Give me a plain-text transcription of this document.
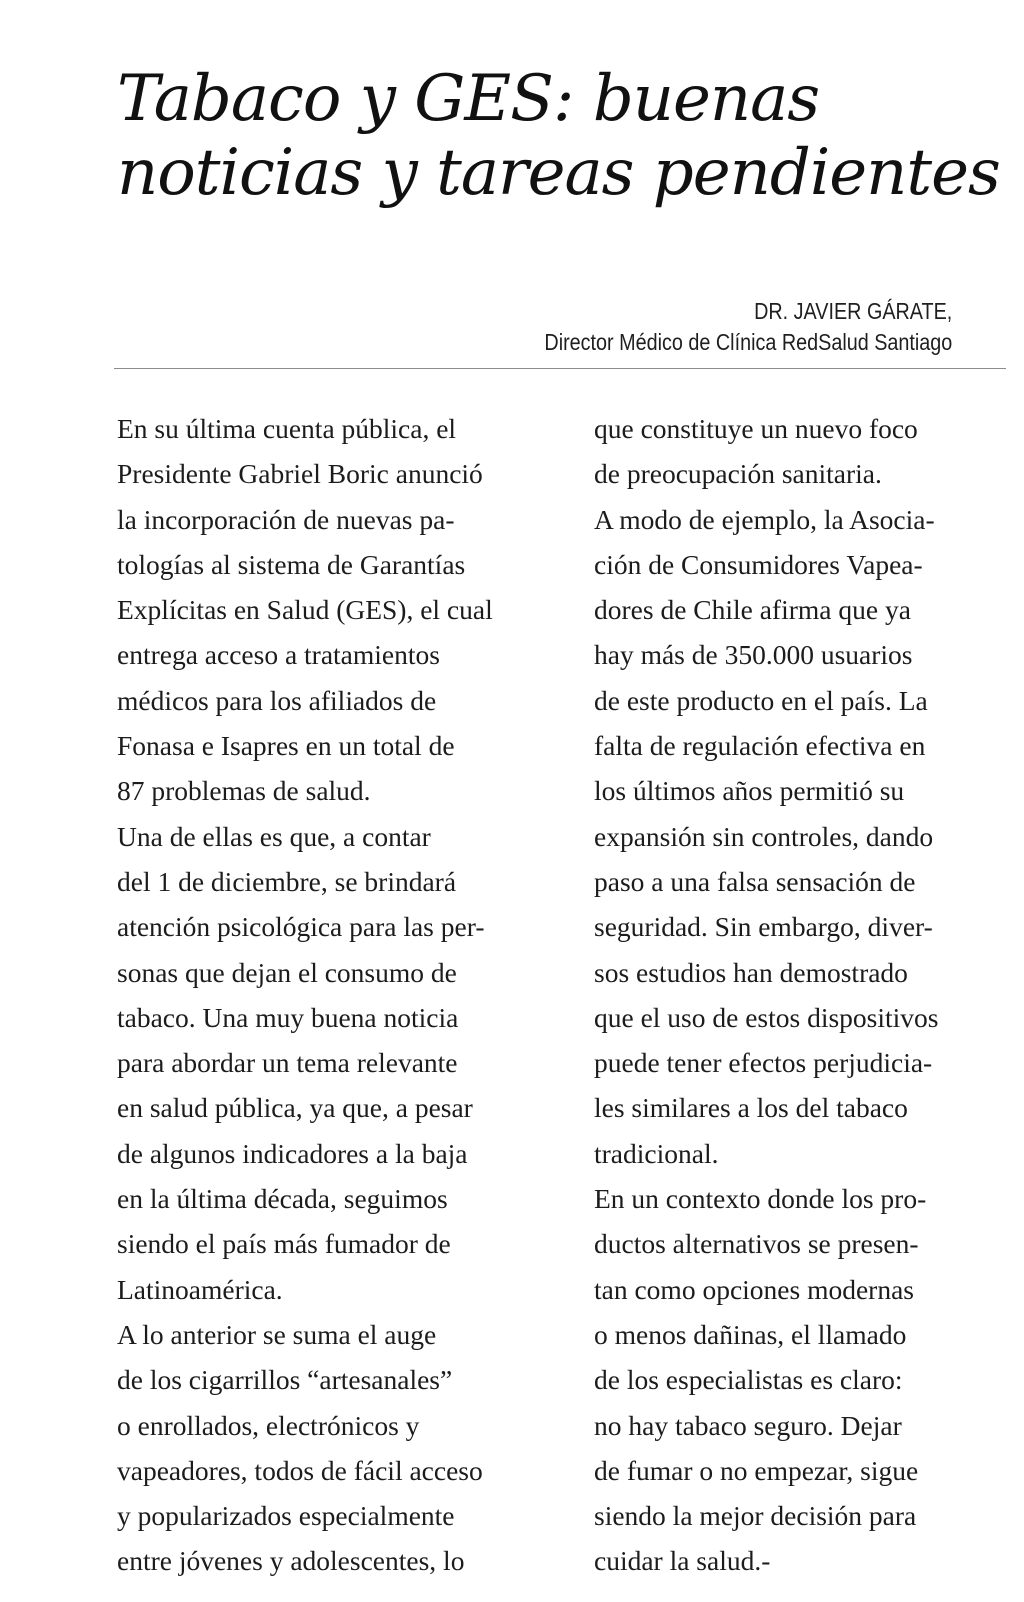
Tabaco y GES: buenas
noticias y tareas pendientes
DR. JAVIER GÁRATE,
Director Médico de Clínica RedSalud Santiago
En su última cuenta pública, el
Presidente Gabriel Boric anunció
la incorporación de nuevas pa-
tologías al sistema de Garantías
Explícitas en Salud (GES), el cual
entrega acceso a tratamientos
médicos para los afiliados de
Fonasa e Isapres en un total de
87 problemas de salud.
Una de ellas es que, a contar
del 1 de diciembre, se brindará
atención psicológica para las per-
sonas que dejan el consumo de
tabaco. Una muy buena noticia
para abordar un tema relevante
en salud pública, ya que, a pesar
de algunos indicadores a la baja
en la última década, seguimos
siendo el país más fumador de
Latinoamérica.
A lo anterior se suma el auge
de los cigarrillos “artesanales”
o enrollados, electrónicos y
vapeadores, todos de fácil acceso
y popularizados especialmente
entre jóvenes y adolescentes, lo
que constituye un nuevo foco
de preocupación sanitaria.
A modo de ejemplo, la Asocia-
ción de Consumidores Vapea-
dores de Chile afirma que ya
hay más de 350.000 usuarios
de este producto en el país. La
falta de regulación efectiva en
los últimos años permitió su
expansión sin controles, dando
paso a una falsa sensación de
seguridad. Sin embargo, diver-
sos estudios han demostrado
que el uso de estos dispositivos
puede tener efectos perjudicia-
les similares a los del tabaco
tradicional.
En un contexto donde los pro-
ductos alternativos se presen-
tan como opciones modernas
o menos dañinas, el llamado
de los especialistas es claro:
no hay tabaco seguro. Dejar
de fumar o no empezar, sigue
siendo la mejor decisión para
cuidar la salud.-
